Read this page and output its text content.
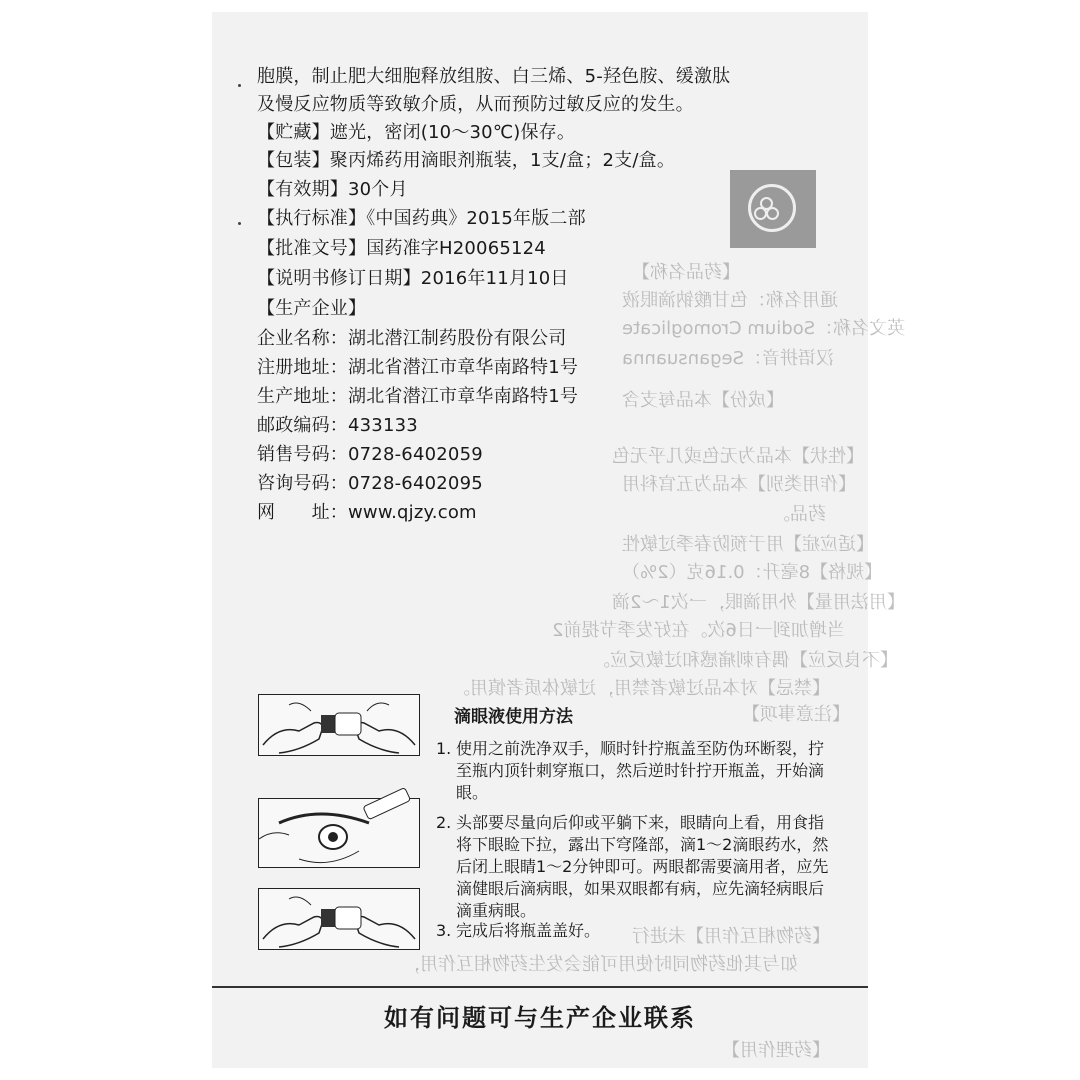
【药品名称】
通用名称：色甘酸钠滴眼液
英文名称：Sodium Cromoglicate
汉语拼音：Segansuanna
【成份】本品每支含
【性状】本品为无色或几乎无色
【作用类别】本品为五官科用
药品。
【适应症】用于预防春季过敏性
【规格】8毫升：0.16克（2%）
【用法用量】外用滴眼，一次1～2滴
当增加到一日6次。在好发季节提前2
【不良反应】偶有刺痛感和过敏反应。
【禁忌】对本品过敏者禁用，过敏体质者慎用。
【注意事项】
【药物相互作用】未进行
如与其他药物同时使用可能会发生药物相互作用，
【药理作用】
胞膜，制止肥大细胞释放组胺、白三烯、5-羟色胺、缓激肽
及慢反应物质等致敏介质，从而预防过敏反应的发生。
【贮藏】遮光，密闭(10～30℃)保存。
【包装】聚丙烯药用滴眼剂瓶装，1支/盒；2支/盒。
【有效期】30个月
【执行标准】《中国药典》2015年版二部
【批准文号】国药准字H20065124
【说明书修订日期】2016年11月10日
【生产企业】
企业名称：湖北潜江制药股份有限公司
注册地址：湖北省潜江市章华南路特1号
生产地址：湖北省潜江市章华南路特1号
邮政编码：433133
销售号码：0728-6402059
咨询号码：0728-6402095
网　　址：www.qjzy.com
滴眼液使用方法
1. 使用之前洗净双手，顺时针拧瓶盖至防伪环断裂，拧至瓶内顶针刺穿瓶口，然后逆时针拧开瓶盖，开始滴眼。
2. 头部要尽量向后仰或平躺下来，眼睛向上看，用食指将下眼睑下拉，露出下穹隆部，滴1～2滴眼药水，然后闭上眼睛1～2分钟即可。两眼都需要滴用者，应先滴健眼后滴病眼，如果双眼都有病，应先滴轻病眼后滴重病眼。
3. 完成后将瓶盖盖好。
如有问题可与生产企业联系
